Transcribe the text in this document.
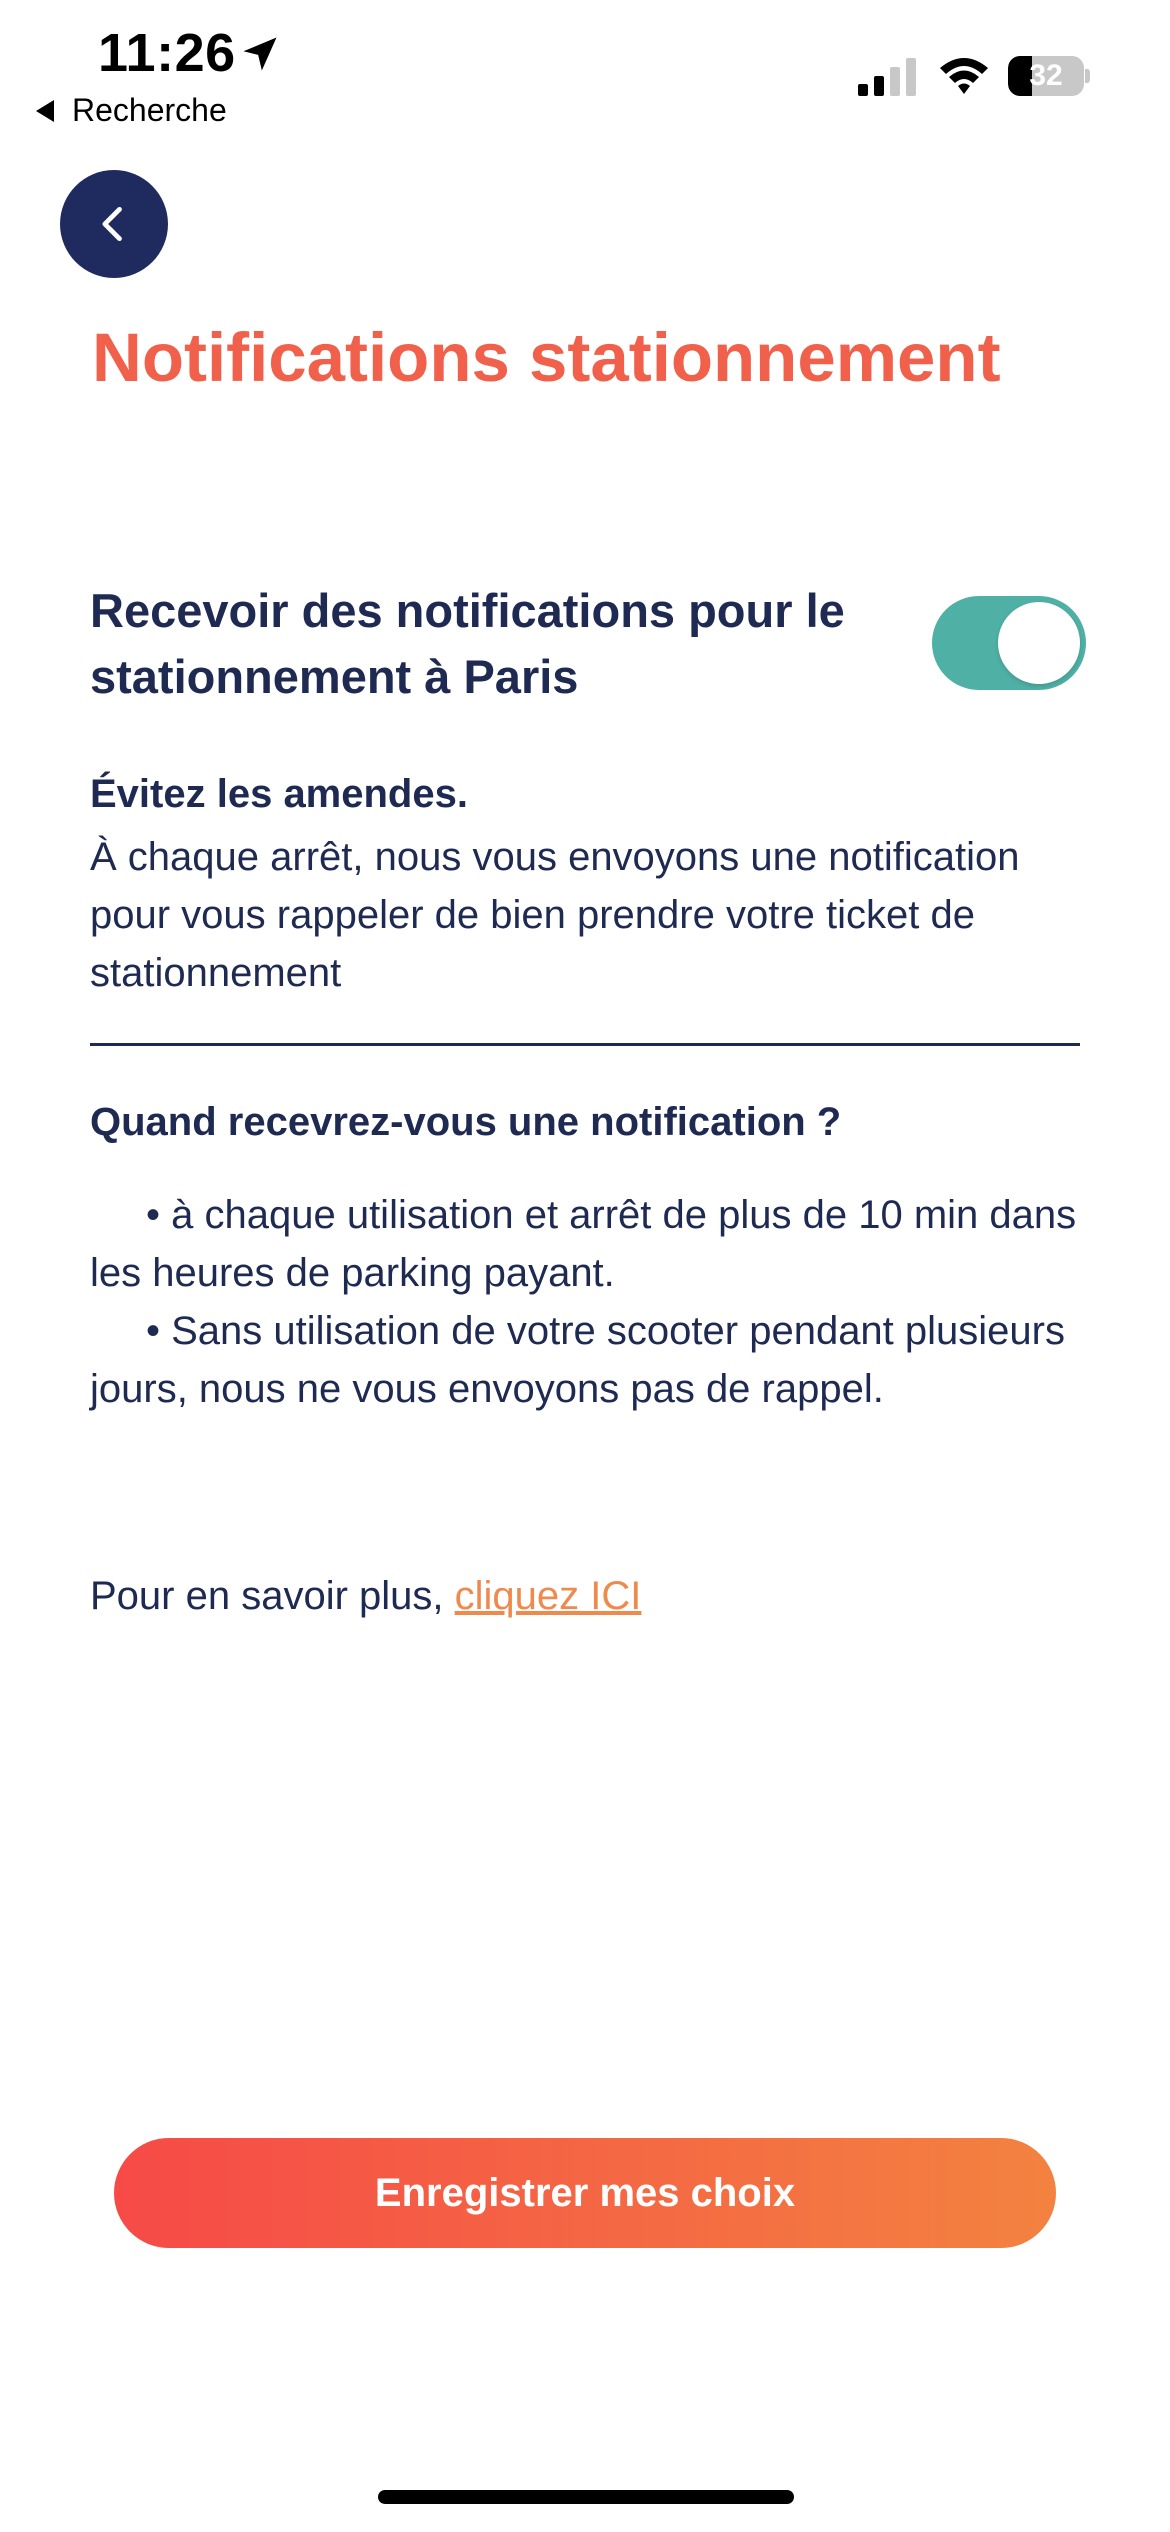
11:26
Recherche
32
Notifications stationnement
Recevoir des notifications pour le stationnement à Paris
Évitez les amendes.
À chaque arrêt, nous vous envoyons une notification pour vous rappeler de bien prendre votre ticket de stationnement
Quand recevrez-vous une notification ?

• à chaque utilisation et arrêt de plus de 10 min dans les heures de parking payant.

• Sans utilisation de votre scooter pendant plusieurs jours, nous ne vous envoyons pas de rappel.

Pour en savoir plus, cliquez ICI
Enregistrer mes choix
